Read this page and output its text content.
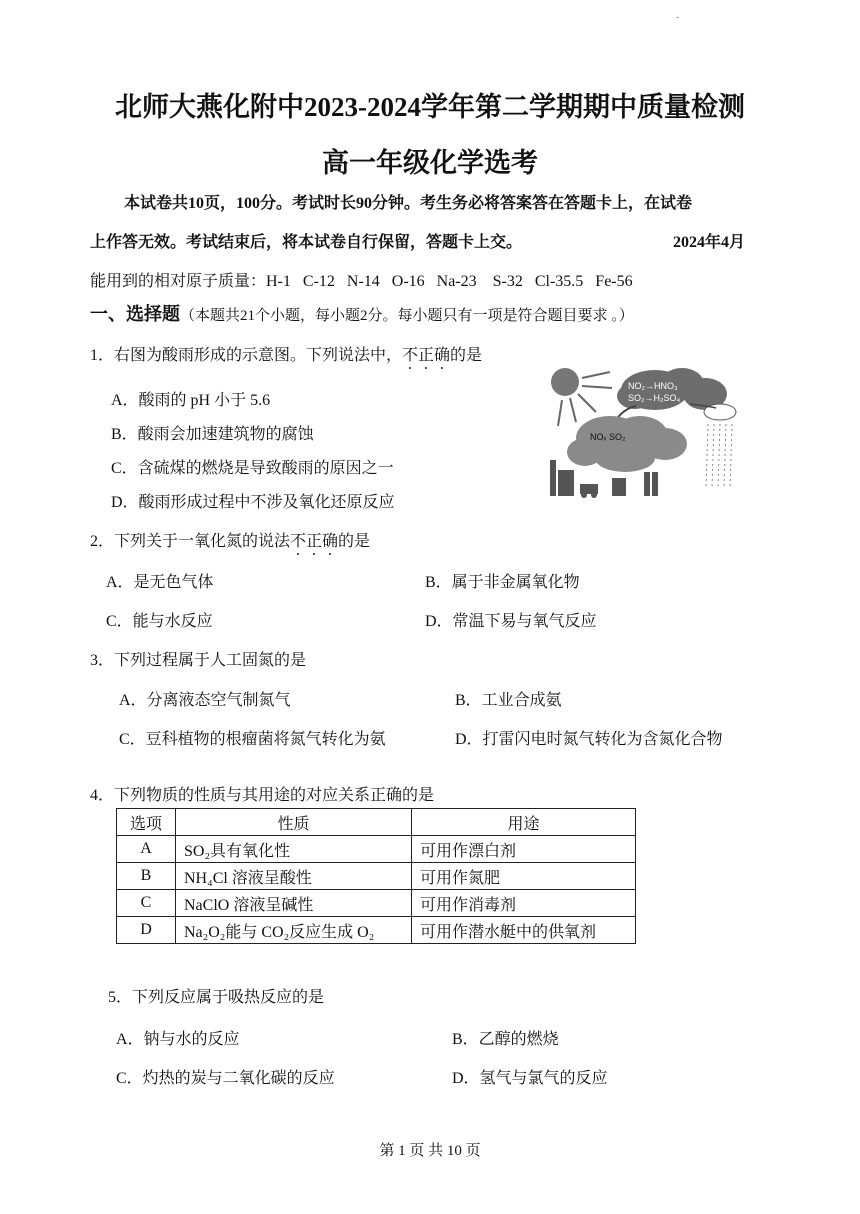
-
北师大燕化附中2023-2024学年第二学期期中质量检测
高一年级化学选考
本试卷共10页，100分。考试时长90分钟。考生务必将答案答在答题卡上，在试卷
上作答无效。考试结束后，将本试卷自行保留，答题卡上交。	2024年4月
能用到的相对原子质量：H-1   C-12   N-14   O-16   Na-23    S-32   Cl-35.5   Fe-56
一、选择题（本题共21个小题，每小题2分。每小题只有一项是符合题目要求 。）
1．右图为酸雨形成的示意图。下列说法中，不正确的是
A．酸雨的 pH 小于 5.6
B．酸雨会加速建筑物的腐蚀
C．含硫煤的燃烧是导致酸雨的原因之一
D．酸雨形成过程中不涉及氧化还原反应
NO₂→HNO₃
SO₂→H₂SO₄
NOₓ SO₂
2．下列关于一氧化氮的说法不正确的是
A．是无色气体	B．属于非金属氧化物
C．能与水反应	D．常温下易与氧气反应
3．下列过程属于人工固氮的是
A．分离液态空气制氮气	B．工业合成氨
C．豆科植物的根瘤菌将氮气转化为氨	D．打雷闪电时氮气转化为含氮化合物
4．下列物质的性质与其用途的对应关系正确的是
选项	性质	用途
A	SO₂具有氧化性	可用作漂白剂
B	NH₄Cl 溶液呈酸性	可用作氮肥
C	NaClO 溶液呈碱性	可用作消毒剂
D	Na₂O₂能与 CO₂反应生成 O₂	可用作潜水艇中的供氧剂
5．下列反应属于吸热反应的是
A．钠与水的反应	B．乙醇的燃烧
C．灼热的炭与二氧化碳的反应	D．氢气与氯气的反应
第 1 页 共 10 页
